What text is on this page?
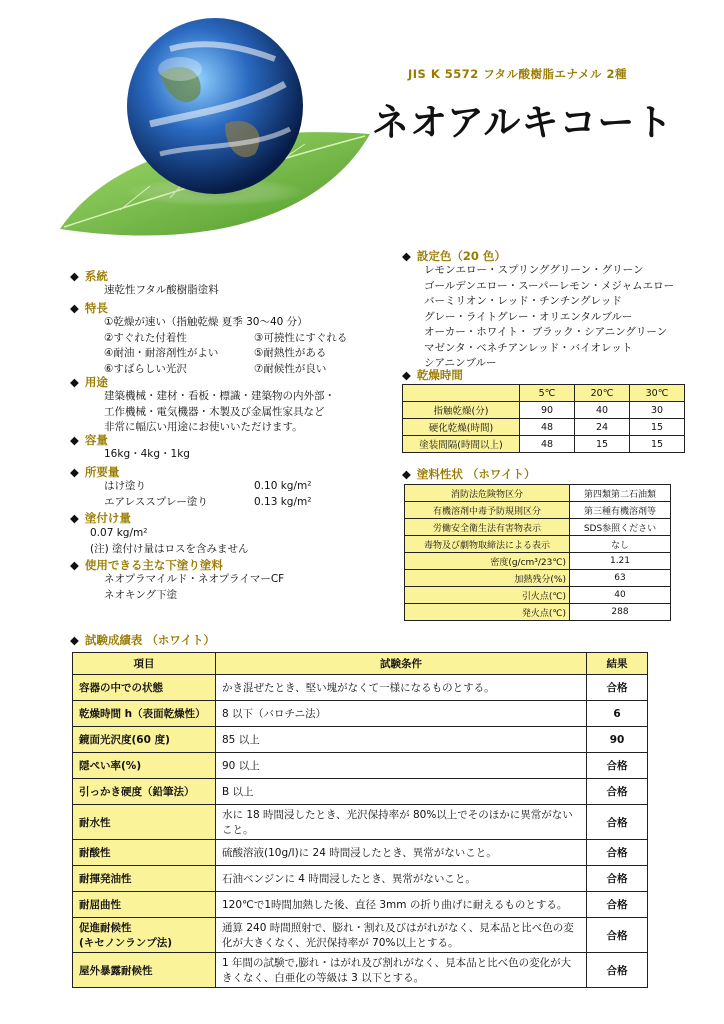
JIS K 5572 フタル酸樹脂エナメル 2種
ネオアルキコート
◆ 系統
速乾性フタル酸樹脂塗料
◆ 特長
①乾燥が速い（指触乾燥 夏季 30～40 分）
②すぐれた付着性	③可撓性にすぐれる
④耐油・耐溶剤性がよい	⑤耐熱性がある
⑥すばらしい光沢	⑦耐候性が良い
◆ 用途
建築機械・建材・看板・標識・建築物の内外部・
工作機械・電気機器・木製及び金属性家具など
非常に幅広い用途にお使いいただけます。
◆ 容量
16kg・4kg・1kg
◆ 所要量
はけ塗り	0.10 kg/m²
エアレススプレー塗り	0.13 kg/m²
◆ 塗付け量
0.07 kg/m²
(注) 塗付け量はロスを含みません
◆ 使用できる主な下塗り塗料
ネオプラマイルド・ネオプライマーCF
ネオキング下塗
◆ 設定色（20 色）
レモンエロー・スプリンググリーン・グリーン
ゴールデンエロー・スーパーレモン・メジャムエロー
バーミリオン・レッド・チンチングレッド
グレー・ライトグレー・オリエンタルブルー
オーカー・ホワイト・ ブラック・シアニングリーン
マゼンタ・ベネチアンレッド・バイオレット
シアニンブルー
◆ 乾燥時間
	5℃	20℃	30℃
指触乾燥(分)	90	40	30
硬化乾燥(時間)	48	24	15
塗装間隔(時間以上)	48	15	15
◆ 塗料性状 （ホワイト）
消防法危険物区分	第四類第二石油類
有機溶剤中毒予防規則区分	第三種有機溶剤等
労働安全衛生法有害物表示	SDS参照ください
毒物及び劇物取締法による表示	なし
密度(g/cm³/23℃)	1.21
加熱残分(%)	63
引火点(℃)	40
発火点(℃)	288
◆ 試験成績表 （ホワイト）
項目	試験条件	結果
容器の中での状態	かき混ぜたとき、堅い塊がなくて一様になるものとする。	合格
乾燥時間 h（表面乾燥性）	8 以下（バロチニ法）	6
鏡面光沢度(60 度)	85 以上	90
隠ぺい率(%)	90 以上	合格
引っかき硬度（鉛筆法）	B 以上	合格
耐水性	水に 18 時間浸したとき、光沢保持率が 80%以上でそのほかに異常がないこと。	合格
耐酸性	硫酸溶液(10g/l)に 24 時間浸したとき、異常がないこと。	合格
耐揮発油性	石油ベンジンに 4 時間浸したとき、異常がないこと。	合格
耐屈曲性	120℃で1時間加熱した後、直径 3mm の折り曲げに耐えるものとする。	合格
促進耐候性
(キセノンランプ法)	通算 240 時間照射で、膨れ・割れ及びはがれがなく、見本品と比べ色の変化が大きくなく、光沢保持率が 70%以上とする。	合格
屋外暴露耐候性	1 年間の試験で,膨れ・はがれ及び割れがなく、見本品と比べ色の変化が大きくなく、白亜化の等級は 3 以下とする。	合格
